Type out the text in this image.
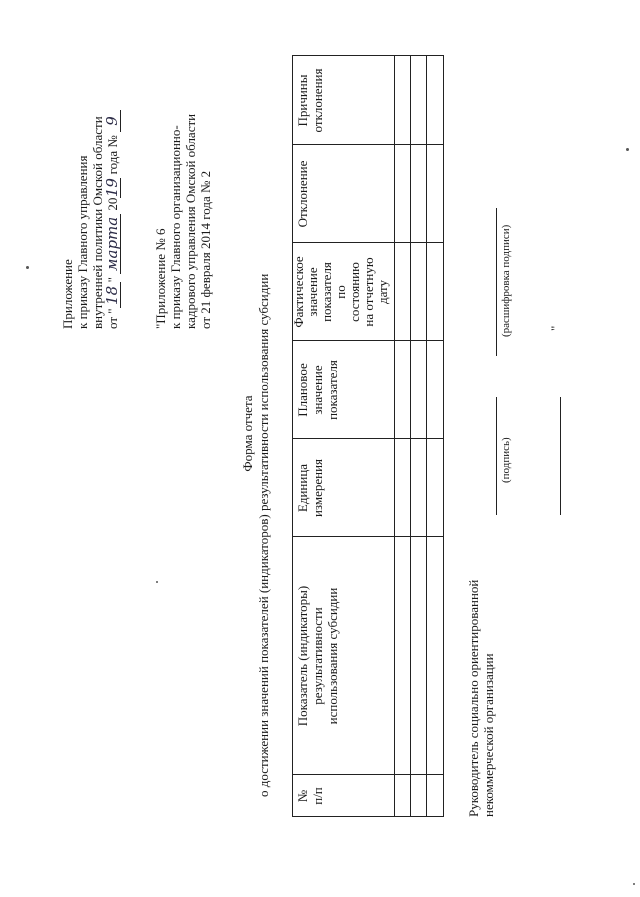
Приложение к приказу Главного управления внутренней политики Омской области от "18" марта 2019 года № 9
"Приложение № 6 к приказу Главного организационно- кадрового управления Омской области от 21 февраля 2014 года № 2
Форма отчета о достижении значений показателей (индикаторов) результативности использования субсидии № п/п
Показатель (индикаторы) результативности использования субсидии
Единица измерения
Плановое значение показателя
Фактическое значение показателя по состоянию на отчетную дату
Отклонение
Причины отклонения
Руководитель социально ориентированной некоммерческой организации
(подпись)
(расшифровка подписи)	"
